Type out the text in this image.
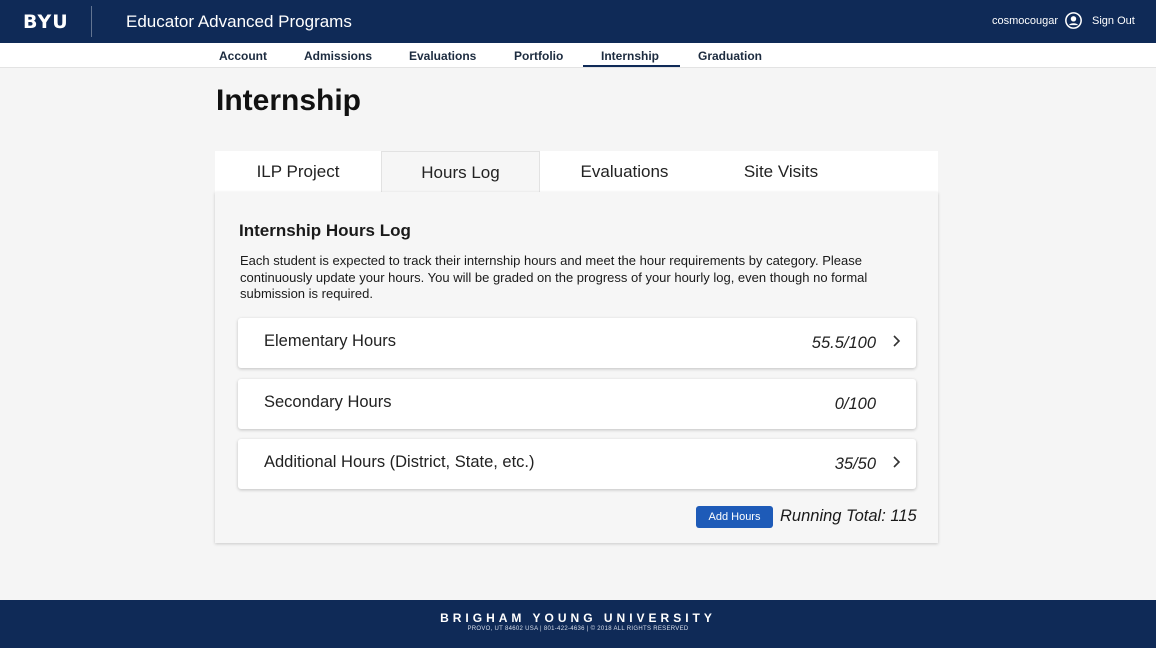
BYU	Educator Advanced Programs	cosmocougar	Sign Out
Account	Admissions	Evaluations	Portfolio	Internship	Graduation
Internship
ILP Project	Hours Log	Evaluations	Site Visits
Internship Hours Log

Each student is expected to track their internship hours and meet the hour requirements by category. Please continuously update your hours. You will be graded on the progress of your hourly log, even though no formal submission is required.

Elementary Hours	55.5/100
Secondary Hours	0/100
Additional Hours (District, State, etc.)	35/50
Add Hours	Running Total: 115
BRIGHAM YOUNG UNIVERSITY
PROVO, UT 84602 USA | 801-422-4636 | © 2018 ALL RIGHTS RESERVED
